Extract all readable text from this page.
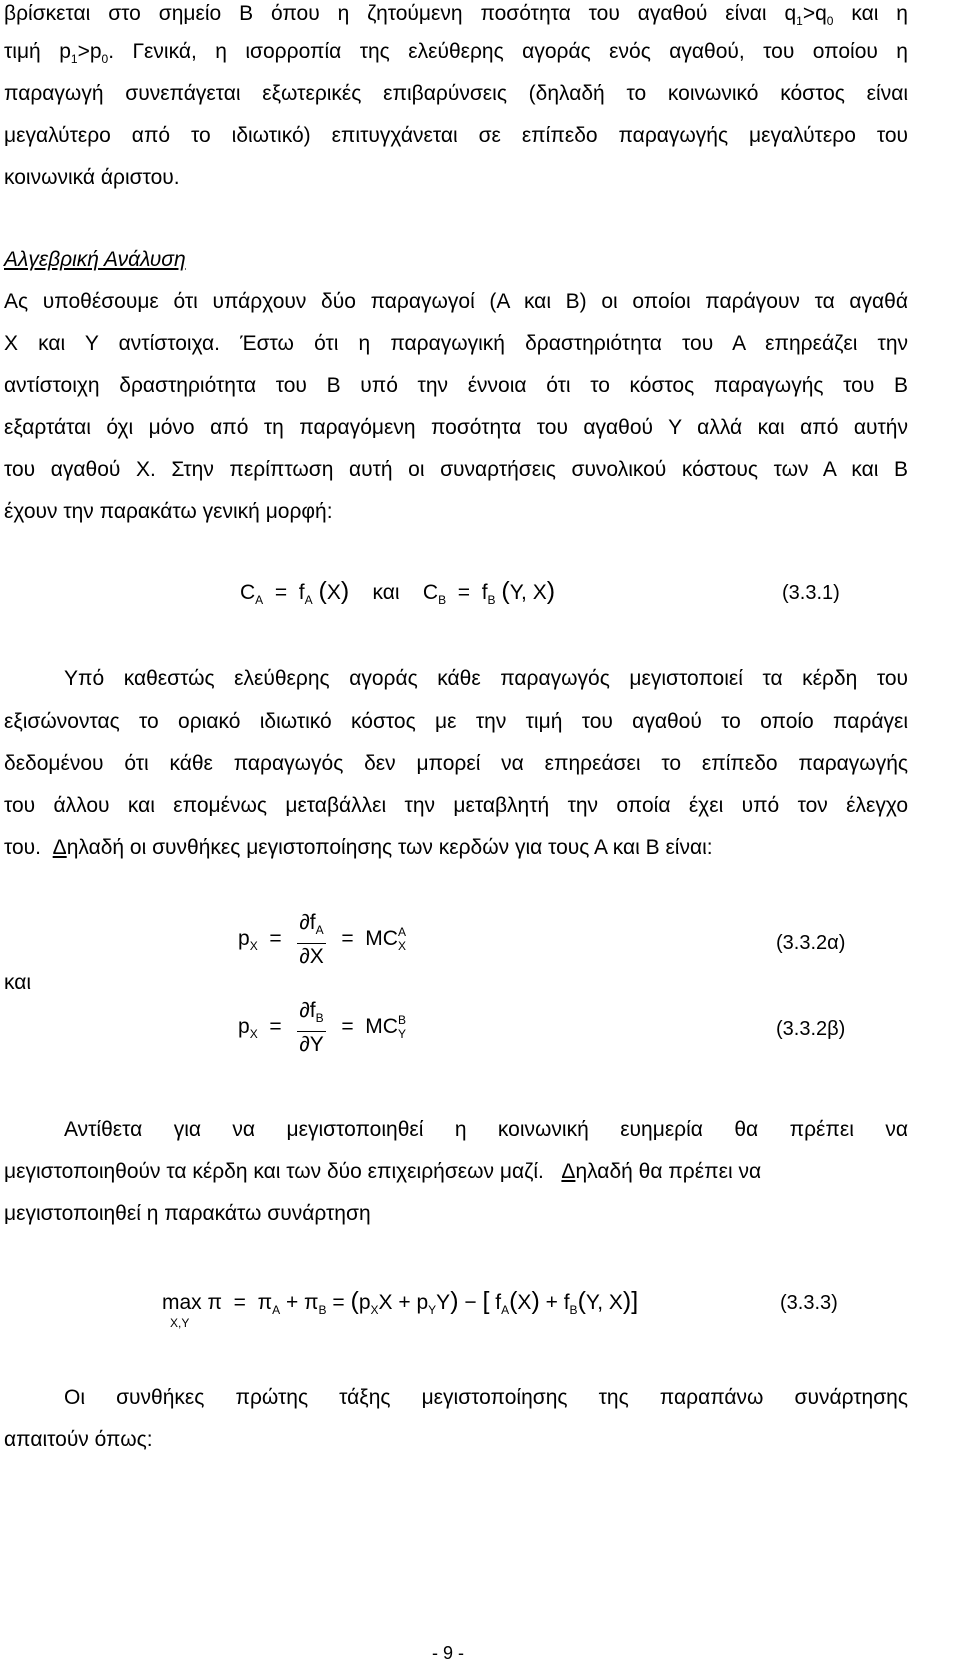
βρίσκεται στο σημείο Β όπου η ζητούμενη ποσότητα του αγαθού είναι $q_1>q_0$ και η
τιμή $p_1>p_0$. Γενικά, η ισορροπία της ελεύθερης αγοράς ενός αγαθού, του οποίου η
παραγωγή συνεπάγεται εξωτερικές επιβαρύνσεις (δηλαδή το κοινωνικό κόστος είναι
μεγαλύτερο από το ιδιωτικό) επιτυγχάνεται σε επίπεδο παραγωγής μεγαλύτερο του
κοινωνικά άριστου.
Αλγεβρική Ανάλυση
Ας υποθέσουμε ότι υπάρχουν δύο παραγωγοί (Α και Β) οι οποίοι παράγουν τα αγαθά
Χ και Υ αντίστοιχα. Έστω ότι η παραγωγική δραστηριότητα του Α επηρεάζει την
αντίστοιχη δραστηριότητα του Β υπό την έννοια ότι το κόστος παραγωγής του Β
εξαρτάται όχι μόνο από τη παραγόμενη ποσότητα του αγαθού Υ αλλά και από αυτήν
του αγαθού Χ. Στην περίπτωση αυτή οι συναρτήσεις συνολικού κόστους των Α και Β
έχουν την παρακάτω γενική μορφή:
$C_A = f_A$ (X) και    $C_B = f_B$ (Y, X)	(3.3.1)
Υπό καθεστώς ελεύθερης αγοράς κάθε παραγωγός μεγιστοποιεί τα κέρδη του
εξισώνοντας το οριακό ιδιωτικό κόστος με την τιμή του αγαθού το οποίο παράγει
δεδομένου ότι κάθε παραγωγός δεν μπορεί να επηρεάσει το επίπεδο παραγωγής
του άλλου και επομένως μεταβάλλει την μεταβλητή την οποία έχει υπό τον έλεγχο
του. Δηλαδή οι συνθήκες μεγιστοποίησης των κερδών για τους Α και Β είναι:
και
$p_X = \frac{\partial f_A}{\partial X} = MC_X^A$	(3.3.2α)
$p_X = \frac{\partial f_B}{\partial Y} = MC_Y^B$	(3.3.2β)
Αντίθετα για να μεγιστοποιηθεί η κοινωνική ευημερία θα πρέπει να
μεγιστοποιηθούν τα κέρδη και των δύο επιχειρήσεων μαζί. Δηλαδή θα πρέπει να
μεγιστοποιηθεί η παρακάτω συνάρτηση
max
X,Y
$\pi = \pi_A + \pi_B = (p_XX + p_YY)$ − [ $f_A(X) + f_B(Y$, X)]	(3.3.3)
Οι συνθήκες πρώτης τάξης μεγιστοποίησης της παραπάνω συνάρτησης
απαιτούν όπως:
- 9 -
